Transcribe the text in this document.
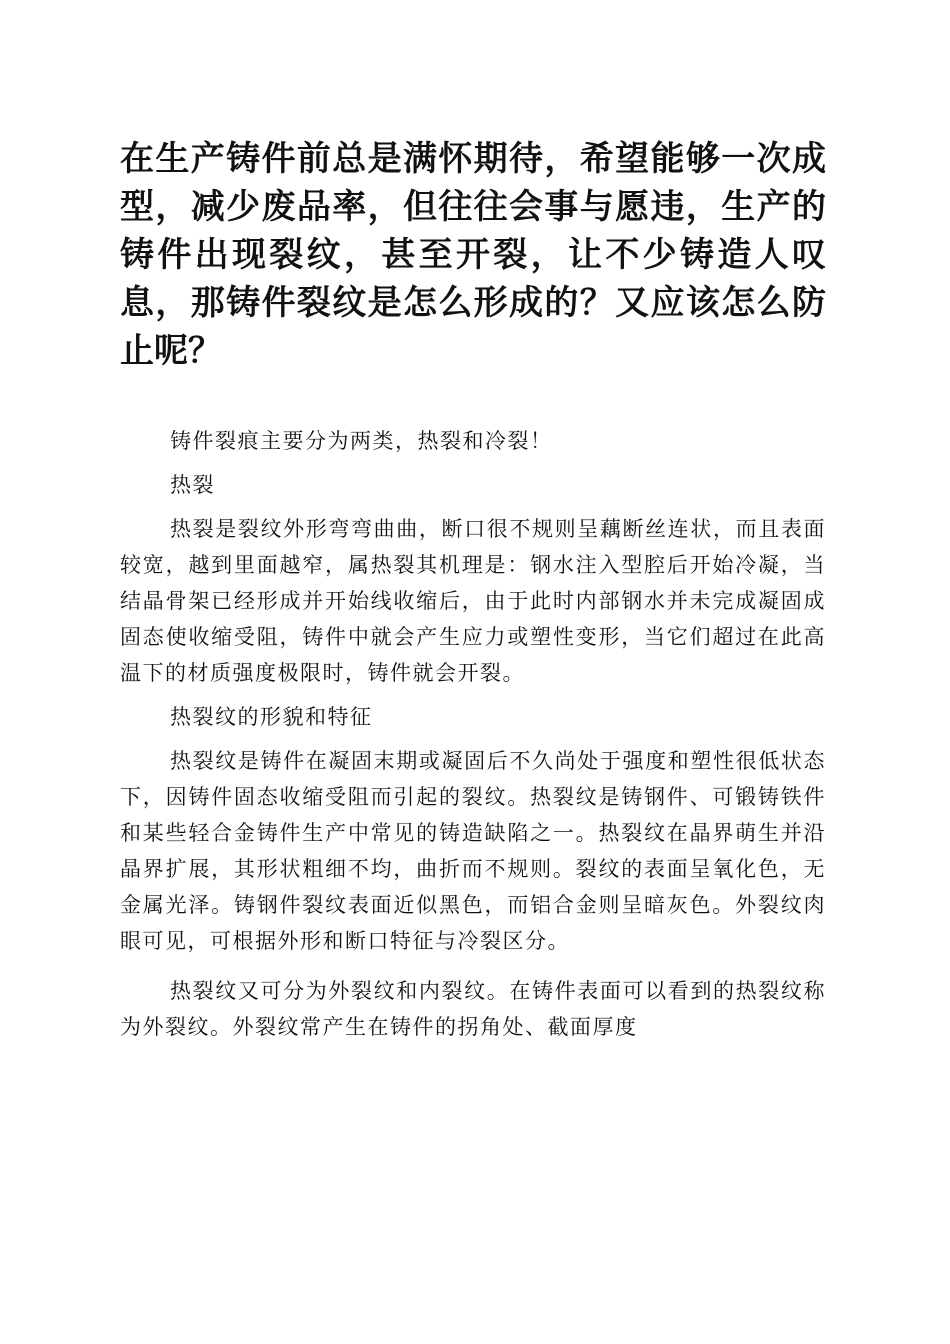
在生产铸件前总是满怀期待，希望能够一次成型，减少废品率，但往往会事与愿违，生产的铸件出现裂纹，甚至开裂，让不少铸造人叹息，那铸件裂纹是怎么形成的？又应该怎么防止呢？

铸件裂痕主要分为两类，热裂和冷裂！

热裂

热裂是裂纹外形弯弯曲曲，断口很不规则呈藕断丝连状，而且表面较宽，越到里面越窄，属热裂其机理是：钢水注入型腔后开始冷凝，当结晶骨架已经形成并开始线收缩后，由于此时内部钢水并未完成凝固成固态使收缩受阻，铸件中就会产生应力或塑性变形，当它们超过在此高温下的材质强度极限时，铸件就会开裂。

热裂纹的形貌和特征

热裂纹是铸件在凝固末期或凝固后不久尚处于强度和塑性很低状态下，因铸件固态收缩受阻而引起的裂纹。热裂纹是铸钢件、可锻铸铁件和某些轻合金铸件生产中常见的铸造缺陷之一。热裂纹在晶界萌生并沿晶界扩展，其形状粗细不均，曲折而不规则。裂纹的表面呈氧化色，无金属光泽。铸钢件裂纹表面近似黑色，而铝合金则呈暗灰色。外裂纹肉眼可见，可根据外形和断口特征与冷裂区分。

热裂纹又可分为外裂纹和内裂纹。在铸件表面可以看到的热裂纹称为外裂纹。外裂纹常产生在铸件的拐角处、截面厚度
